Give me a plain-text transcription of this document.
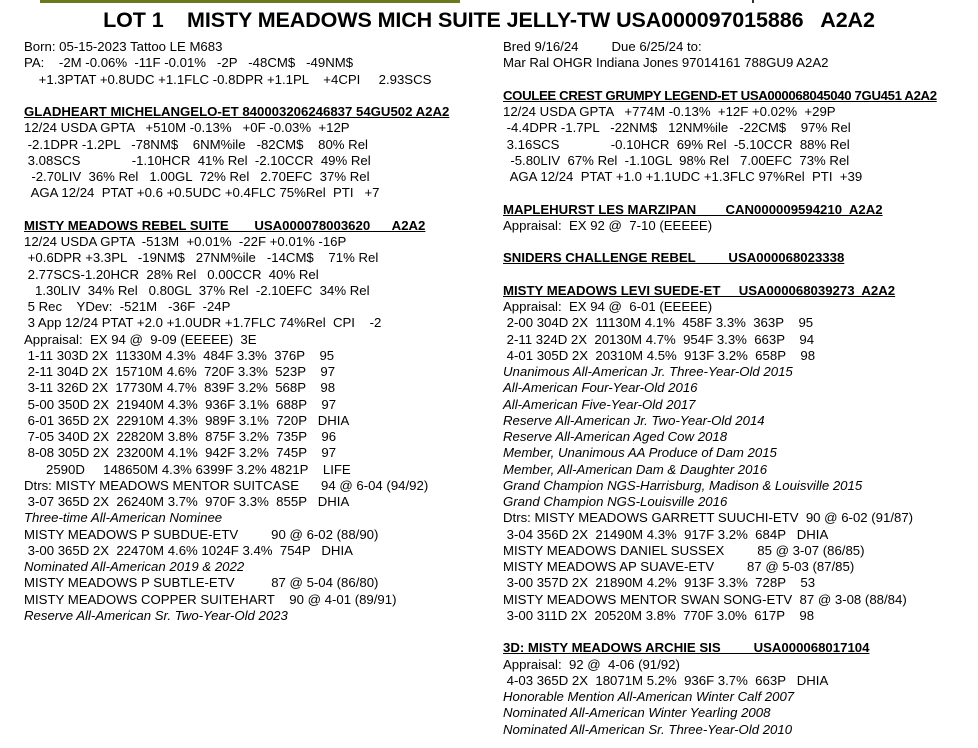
LOT 1    MISTY MEADOWS MICH SUITE JELLY-TW USA000097015886   A2A2
Born: 05-15-2023 Tattoo LE M683
PA:    -2M -0.06%  -11F -0.01%   -2P   -48CM$   -49NM$
+1.3PTAT +0.8UDC +1.1FLC -0.8DPR +1.1PL    +4CPI     2.93SCS
GLADHEART MICHELANGELO-ET 840003206246837 54GU502 A2A2
12/24 USDA GPTA   +510M -0.13%   +0F -0.03%  +12P
-2.1DPR -1.2PL   -78NM$    6NM%ile   -82CM$    80% Rel
3.08SCS              -1.10HCR  41% Rel  -2.10CCR  49% Rel
-2.70LIV  36% Rel   1.00GL  72% Rel   2.70EFC  37% Rel
AGA 12/24  PTAT +0.6 +0.5UDC +0.4FLC 75%Rel  PTI   +7
MISTY MEADOWS REBEL SUITE       USA000078003620      A2A2
12/24 USDA GPTA  -513M  +0.01%  -22F +0.01% -16P
+0.6DPR +3.3PL   -19NM$   27NM%ile   -14CM$    71% Rel
2.77SCS-1.20HCR  28% Rel   0.00CCR  40% Rel
1.30LIV  34% Rel   0.80GL  37% Rel  -2.10EFC  34% Rel
5 Rec    YDev:  -521M   -36F  -24P
3 App 12/24 PTAT +2.0 +1.0UDR +1.7FLC 74%Rel  CPI    -2
Appraisal:  EX 94 @  9-09 (EEEEE)  3E
1-11 303D 2X  11330M 4.3%  484F 3.3%  376P    95
2-11 304D 2X  15710M 4.6%  720F 3.3%  523P    97
3-11 326D 2X  17730M 4.7%  839F 3.2%  568P    98
5-00 350D 2X  21940M 4.3%  936F 3.1%  688P    97
6-01 365D 2X  22910M 4.3%  989F 3.1%  720P   DHIA
7-05 340D 2X  22820M 3.8%  875F 3.2%  735P    96
8-08 305D 2X  23200M 4.1%  942F 3.2%  745P    97
2590D     148650M 4.3% 6399F 3.2% 4821P    LIFE
Dtrs: MISTY MEADOWS MENTOR SUITCASE      94 @ 6-04 (94/92)
3-07 365D 2X  26240M 3.7%  970F 3.3%  855P   DHIA
Three-time All-American Nominee
MISTY MEADOWS P SUBDUE-ETV         90 @ 6-02 (88/90)
3-00 365D 2X  22470M 4.6% 1024F 3.4%  754P   DHIA
Nominated All-American 2019 & 2022
MISTY MEADOWS P SUBTLE-ETV          87 @ 5-04 (86/80)
MISTY MEADOWS COPPER SUITEHART    90 @ 4-01 (89/91)
Reserve All-American Sr. Two-Year-Old 2023
Bred 9/16/24         Due 6/25/24 to:
Mar Ral OHGR Indiana Jones 97014161 788GU9 A2A2
COULEE CREST GRUMPY LEGEND-ET USA000068045040 7GU451 A2A2
12/24 USDA GPTA   +774M -0.13%  +12F +0.02%  +29P
-4.4DPR -1.7PL   -22NM$   12NM%ile   -22CM$    97% Rel
3.16SCS              -0.10HCR  69% Rel  -5.10CCR  88% Rel
-5.80LIV  67% Rel  -1.10GL  98% Rel   7.00EFC  73% Rel
AGA 12/24  PTAT +1.0 +1.1UDC +1.3FLC 97%Rel  PTI  +39
MAPLEHURST LES MARZIPAN        CAN000009594210  A2A2
Appraisal:  EX 92 @  7-10 (EEEEE)
SNIDERS CHALLENGE REBEL         USA000068023338
MISTY MEADOWS LEVI SUEDE-ET     USA000068039273  A2A2
Appraisal:  EX 94 @  6-01 (EEEEE)
2-00 304D 2X  11130M 4.1%  458F 3.3%  363P    95
2-11 324D 2X  20130M 4.7%  954F 3.3%  663P    94
4-01 305D 2X  20310M 4.5%  913F 3.2%  658P    98
Unanimous All-American Jr. Three-Year-Old 2015
All-American Four-Year-Old 2016
All-American Five-Year-Old 2017
Reserve All-American Jr. Two-Year-Old 2014
Reserve All-American Aged Cow 2018
Member, Unanimous AA Produce of Dam 2015
Member, All-American Dam & Daughter 2016
Grand Champion NGS-Harrisburg, Madison & Louisville 2015
Grand Champion NGS-Louisville 2016
Dtrs: MISTY MEADOWS GARRETT SUUCHI-ETV  90 @ 6-02 (91/87)
3-04 356D 2X  21490M 4.3%  917F 3.2%  684P   DHIA
MISTY MEADOWS DANIEL SUSSEX         85 @ 3-07 (86/85)
MISTY MEADOWS AP SUAVE-ETV         87 @ 5-03 (87/85)
3-00 357D 2X  21890M 4.2%  913F 3.3%  728P    53
MISTY MEADOWS MENTOR SWAN SONG-ETV  87 @ 3-08 (88/84)
3-00 311D 2X  20520M 3.8%  770F 3.0%  617P    98
3D: MISTY MEADOWS ARCHIE SIS         USA000068017104
Appraisal:  92 @  4-06 (91/92)
4-03 365D 2X  18071M 5.2%  936F 3.7%  663P   DHIA
Honorable Mention All-American Winter Calf 2007
Nominated All-American Winter Yearling 2008
Nominated All-American Sr. Three-Year-Old 2010
